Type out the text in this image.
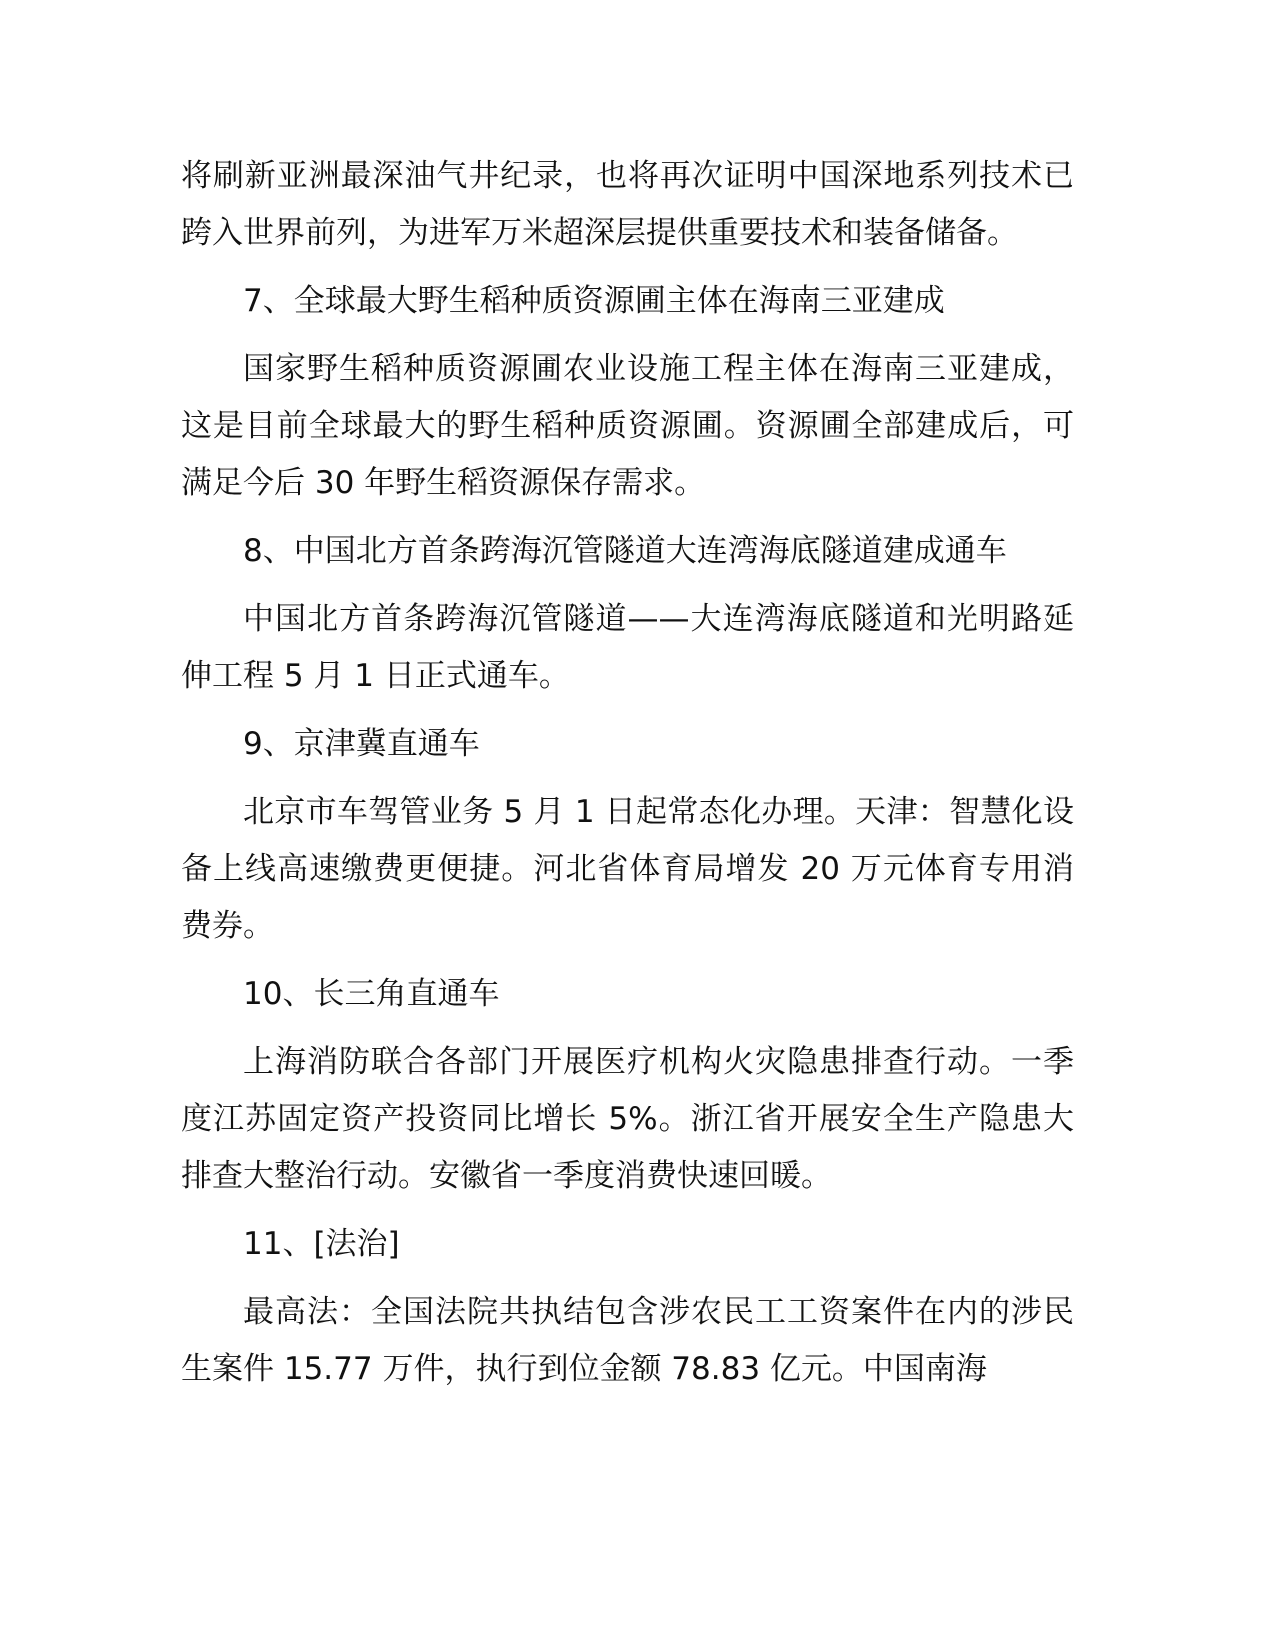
将刷新亚洲最深油气井纪录，也将再次证明中国深地系列技术已跨入世界前列，为进军万米超深层提供重要技术和装备储备。

7、全球最大野生稻种质资源圃主体在海南三亚建成

国家野生稻种质资源圃农业设施工程主体在海南三亚建成，这是目前全球最大的野生稻种质资源圃。资源圃全部建成后，可满足今后 30 年野生稻资源保存需求。

8、中国北方首条跨海沉管隧道大连湾海底隧道建成通车

中国北方首条跨海沉管隧道——大连湾海底隧道和光明路延伸工程 5 月 1 日正式通车。

9、京津冀直通车

北京市车驾管业务 5 月 1 日起常态化办理。天津：智慧化设备上线高速缴费更便捷。河北省体育局增发 20 万元体育专用消费券。

10、长三角直通车

上海消防联合各部门开展医疗机构火灾隐患排查行动。一季度江苏固定资产投资同比增长 5%。浙江省开展安全生产隐患大排查大整治行动。安徽省一季度消费快速回暖。

11、[法治]

最高法：全国法院共执结包含涉农民工工资案件在内的涉民生案件 15.77 万件，执行到位金额 78.83 亿元。中国南海
